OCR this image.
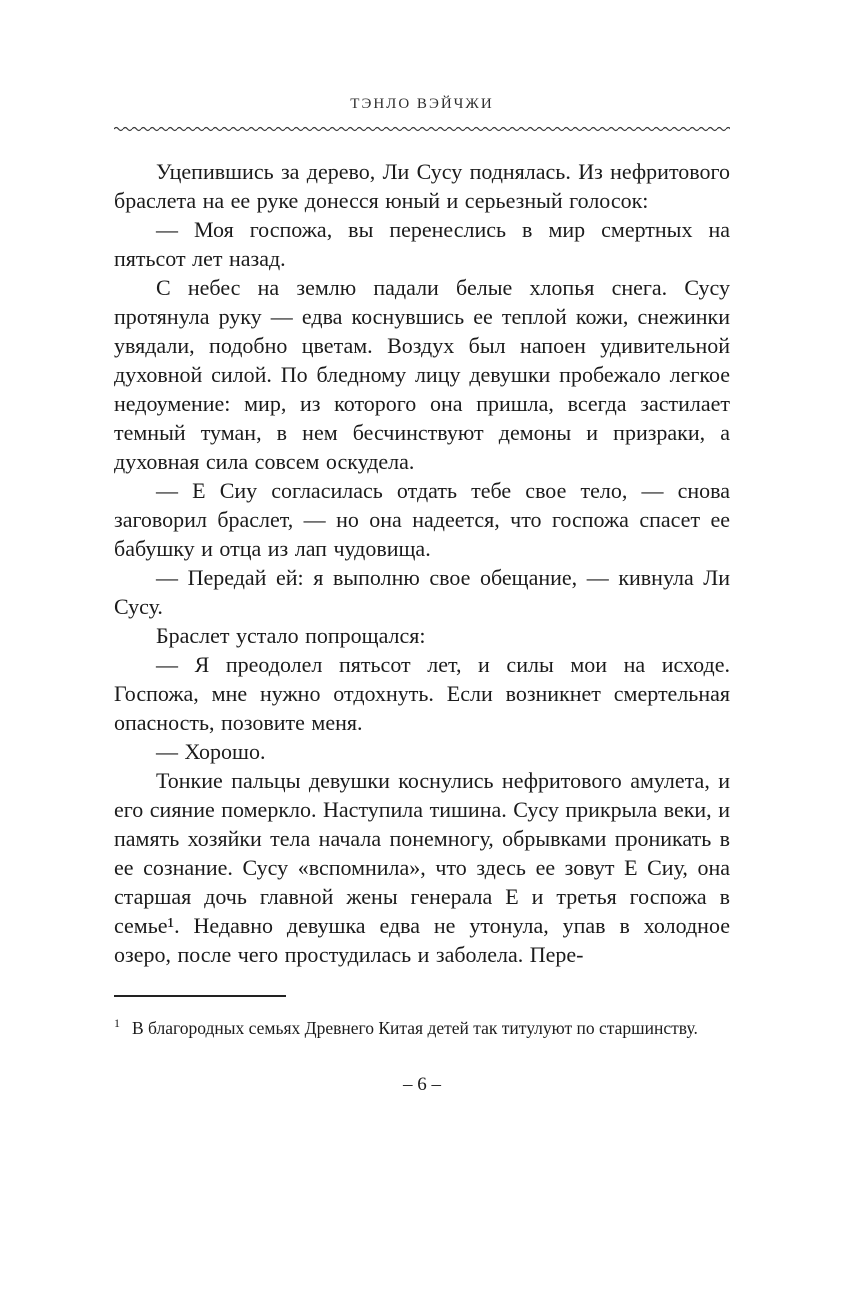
ТЭНЛО ВЭЙЧЖИ

Уцепившись за дерево, Ли Сусу поднялась. Из нефритового браслета на ее руке донесся юный и серьезный голосок:

— Моя госпожа, вы перенеслись в мир смертных на пятьсот лет назад.

С небес на землю падали белые хлопья снега. Сусу протянула руку — едва коснувшись ее теплой кожи, снежинки увядали, подобно цветам. Воздух был напоен удивительной духовной силой. По бледному лицу девушки пробежало легкое недоумение: мир, из которого она пришла, всегда застилает темный туман, в нем бесчинствуют демоны и призраки, а духовная сила совсем оскудела.

— Е Сиу согласилась отдать тебе свое тело, — снова заговорил браслет, — но она надеется, что госпожа спасет ее бабушку и отца из лап чудовища.

— Передай ей: я выполню свое обещание, — кивнула Ли Сусу.

Браслет устало попрощался:

— Я преодолел пятьсот лет, и силы мои на исходе. Госпожа, мне нужно отдохнуть. Если возникнет смертельная опасность, позовите меня.

— Хорошо.

Тонкие пальцы девушки коснулись нефритового амулета, и его сияние померкло. Наступила тишина. Сусу прикрыла веки, и память хозяйки тела начала понемногу, обрывками проникать в ее сознание. Сусу «вспомнила», что здесь ее зовут Е Сиу, она старшая дочь главной жены генерала Е и третья госпожа в семье¹. Недавно девушка едва не утонула, упав в холодное озеро, после чего простудилась и заболела. Пере-

$^1$ В благородных семьях Древнего Китая детей так титулуют по старшинству.
– 6 –
